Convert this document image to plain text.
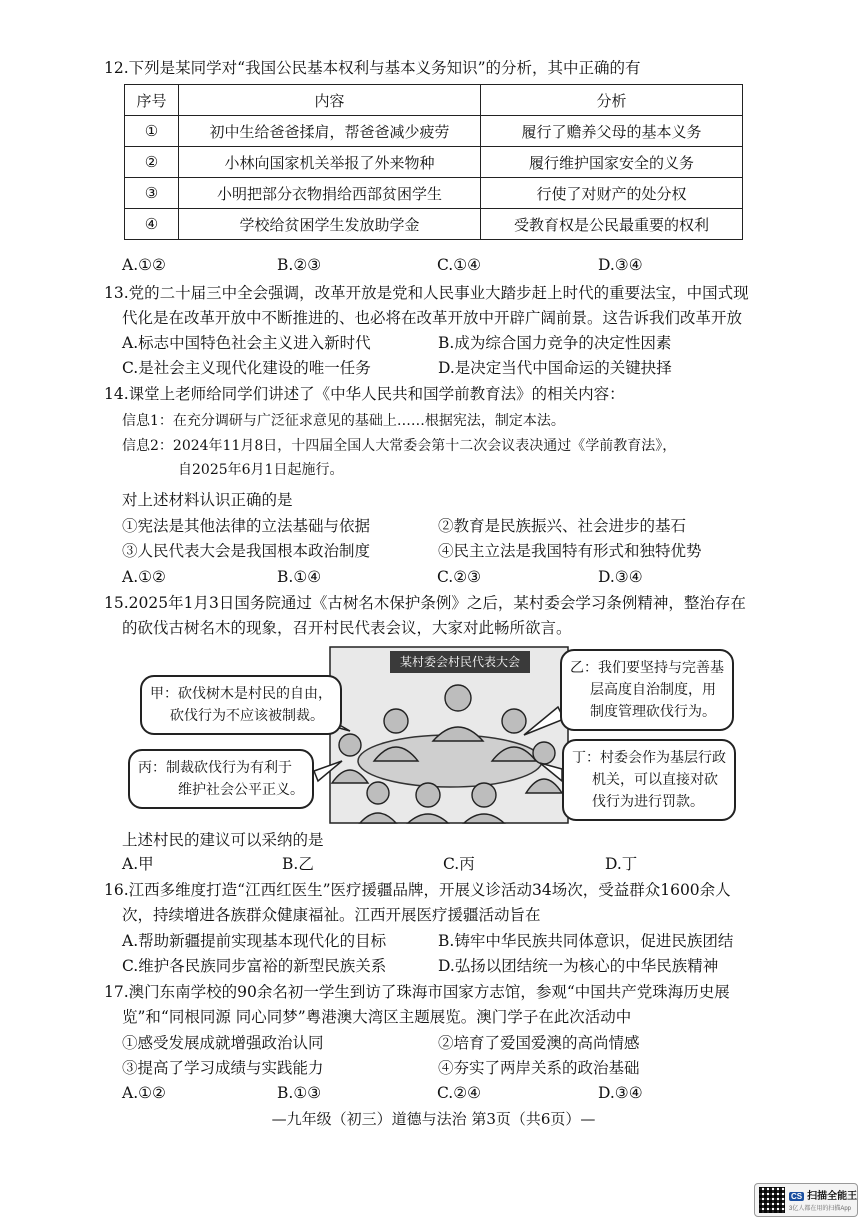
12.下列是某同学对“我国公民基本权利与基本义务知识”的分析，其中正确的有
序号	内容	分析
①	初中生给爸爸揉肩，帮爸爸减少疲劳	履行了赡养父母的基本义务
②	小林向国家机关举报了外来物种	履行维护国家安全的义务
③	小明把部分衣物捐给西部贫困学生	行使了对财产的处分权
④	学校给贫困学生发放助学金	受教育权是公民最重要的权利
A.①②	B.②③	C.①④	D.③④
13.党的二十届三中全会强调，改革开放是党和人民事业大踏步赶上时代的重要法宝，中国式现
代化是在改革开放中不断推进的、也必将在改革开放中开辟广阔前景。这告诉我们改革开放
A.标志中国特色社会主义进入新时代	B.成为综合国力竞争的决定性因素
C.是社会主义现代化建设的唯一任务	D.是决定当代中国命运的关键抉择
14.课堂上老师给同学们讲述了《中华人民共和国学前教育法》的相关内容：
信息1：在充分调研与广泛征求意见的基础上……根据宪法，制定本法。
信息2：2024年11月8日，十四届全国人大常委会第十二次会议表决通过《学前教育法》，
自2025年6月1日起施行。
对上述材料认识正确的是
①宪法是其他法律的立法基础与依据	②教育是民族振兴、社会进步的基石
③人民代表大会是我国根本政治制度	④民主立法是我国特有形式和独特优势
A.①②	B.①④	C.②③	D.③④
15.2025年1月3日国务院通过《古树名木保护条例》之后，某村委会学习条例精神，整治存在
的砍伐古树名木的现象，召开村民代表会议，大家对此畅所欲言。
某村委会村民代表大会
甲：砍伐树木是村民的自由，
砍伐行为不应该被制裁。
乙：我们要坚持与完善基
层高度自治制度，用
制度管理砍伐行为。
丙：制裁砍伐行为有利于
维护社会公平正义。
丁：村委会作为基层行政
机关，可以直接对砍
伐行为进行罚款。
上述村民的建议可以采纳的是
A.甲	B.乙	C.丙	D.丁
16.江西多维度打造“江西红医生”医疗援疆品牌，开展义诊活动34场次，受益群众1600余人
次，持续增进各族群众健康福祉。江西开展医疗援疆活动旨在
A.帮助新疆提前实现基本现代化的目标	B.铸牢中华民族共同体意识，促进民族团结
C.维护各民族同步富裕的新型民族关系	D.弘扬以团结统一为核心的中华民族精神
17.澳门东南学校的90余名初一学生到访了珠海市国家方志馆，参观“中国共产党珠海历史展
览”和“同根同源 同心同梦”粤港澳大湾区主题展览。澳门学子在此次活动中
①感受发展成就增强政治认同	②培育了爱国爱澳的高尚情感
③提高了学习成绩与实践能力	④夯实了两岸关系的政治基础
A.①②	B.①③	C.②④	D.③④
—九年级（初三）道德与法治 第3页（共6页）—
CS 扫描全能王
3亿人都在用的扫描App
